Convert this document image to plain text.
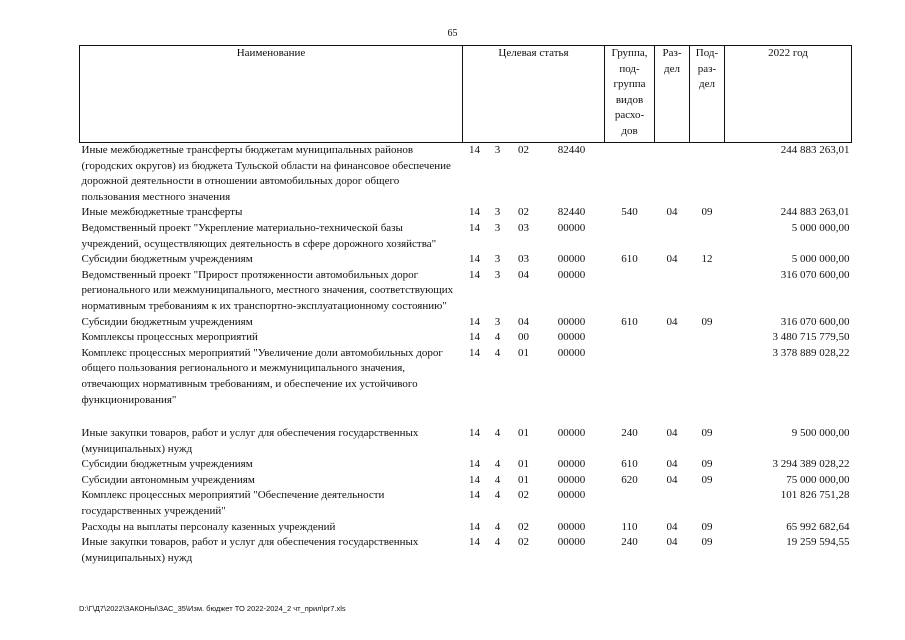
65
Наименование	Целевая статья				Группа, под-группа видов расхо-дов	Раз-дел	Под-раз-дел	2022 год
Иные межбюджетные трансферты бюджетам муниципальных районов (городских округов) из бюджета Тульской области на финансовое обеспечение дорожной деятельности в отношении автомобильных дорог общего пользования местного значения	14	3	02	82440				244 883 263,01
Иные межбюджетные трансферты	14	3	02	82440	540	04	09	244 883 263,01
Ведомственный проект "Укрепление материально-технической базы учреждений, осуществляющих деятельность в сфере дорожного хозяйства"	14	3	03	00000				5 000 000,00
Субсидии бюджетным учреждениям	14	3	03	00000	610	04	12	5 000 000,00
Ведомственный проект "Прирост протяженности автомобильных дорог регионального или межмуниципального, местного значения, соответствующих нормативным требованиям к их транспортно-эксплуатационному состоянию"	14	3	04	00000				316 070 600,00
Субсидии бюджетным учреждениям	14	3	04	00000	610	04	09	316 070 600,00
Комплексы процессных мероприятий	14	4	00	00000				3 480 715 779,50
Комплекс процессных мероприятий "Увеличение доли автомобильных дорог общего пользования регионального и межмуниципального значения, отвечающих нормативным требованиям, и обеспечение их устойчивого функционирования"	14	4	01	00000				3 378 889 028,22

Иные закупки товаров, работ и услуг для обеспечения государственных (муниципальных) нужд	14	4	01	00000	240	04	09	9 500 000,00
Субсидии бюджетным учреждениям	14	4	01	00000	610	04	09	3 294 389 028,22
Субсидии автономным учреждениям	14	4	01	00000	620	04	09	75 000 000,00
Комплекс процессных мероприятий "Обеспечение деятельности государственных учреждений"	14	4	02	00000				101 826 751,28
Расходы на выплаты персоналу казенных учреждений	14	4	02	00000	110	04	09	65 992 682,64
Иные закупки товаров, работ и услуг для обеспечения государственных (муниципальных) нужд	14	4	02	00000	240	04	09	19 259 594,55
D:\Г\Д7\2022\ЗАКОНЫ\ЗАС_35\Изм. бюджет ТО 2022-2024_2 чт_прил\pr7.xls
